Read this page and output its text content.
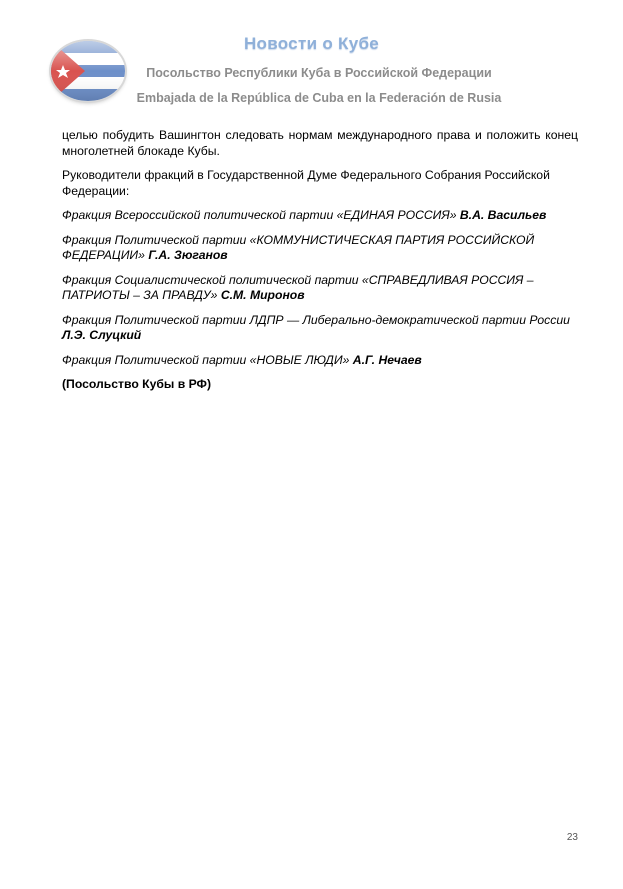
Новости о Кубе
Посольство Республики Куба в Российской Федерации
Embajada de la República de Cuba en la Federación de Rusia

целью побудить Вашингтон следовать нормам международного права и положить конец многолетней блокаде Кубы.

Руководители фракций в Государственной Думе Федерального Собрания Российской Федерации:

Фракция Всероссийской политической партии «ЕДИНАЯ РОССИЯ» В.А. Васильев

Фракция Политической партии «КОММУНИСТИЧЕСКАЯ ПАРТИЯ РОССИЙСКОЙ ФЕДЕРАЦИИ» Г.А. Зюганов

Фракция Социалистической политической партии «СПРАВЕДЛИВАЯ РОССИЯ – ПАТРИОТЫ – ЗА ПРАВДУ» С.М. Миронов

Фракция Политической партии ЛДПР — Либерально-демократической партии России Л.Э. Слуцкий

Фракция Политической партии «НОВЫЕ ЛЮДИ» А.Г. Нечаев

(Посольство Кубы в РФ)

23
